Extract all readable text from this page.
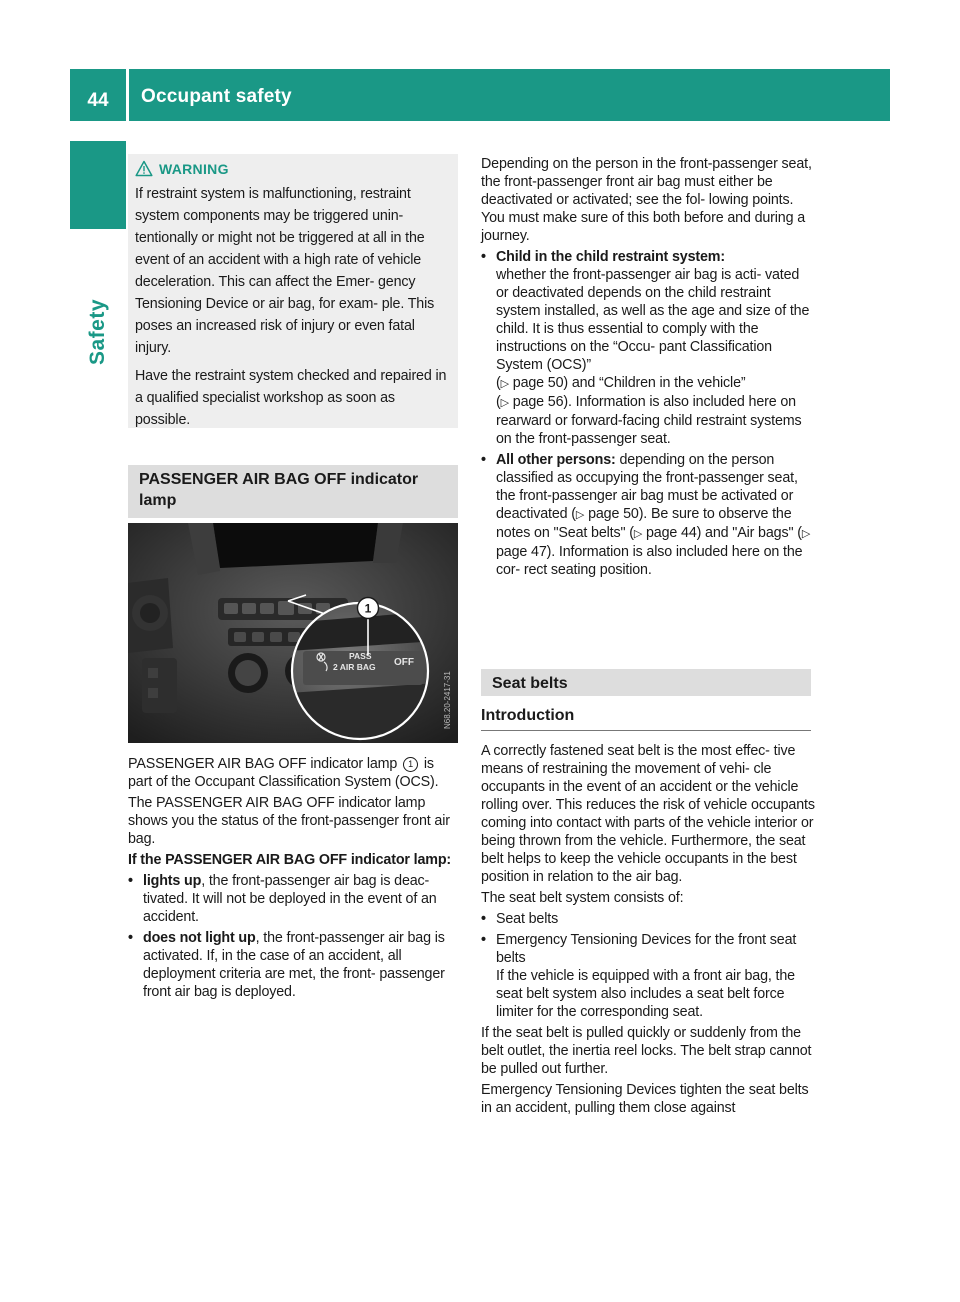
44	Occupant safety
Safety
WARNING

If restraint system is malfunctioning, restraint system components may be triggered unin- tentionally or might not be triggered at all in the event of an accident with a high rate of vehicle deceleration. This can affect the Emer- gency Tensioning Device or air bag, for exam- ple. This poses an increased risk of injury or even fatal injury.

Have the restraint system checked and repaired in a qualified specialist workshop as soon as possible.

PASSENGER AIR BAG OFF indicator lamp
PASS
2 AIR BAG OFF
1
N68.20-2417-31

PASSENGER AIR BAG OFF indicator lamp 1 is part of the Occupant Classification System (OCS).

The PASSENGER AIR BAG OFF indicator lamp shows you the status of the front-passenger front air bag.

If the PASSENGER AIR BAG OFF indicator lamp:

• lights up, the front-passenger air bag is deac- tivated. It will not be deployed in the event of an accident.
• does not light up, the front-passenger air bag is activated. If, in the case of an accident, all deployment criteria are met, the front- passenger front air bag is deployed.

Depending on the person in the front-passenger seat, the front-passenger front air bag must either be deactivated or activated; see the fol- lowing points. You must make sure of this both before and during a journey.

• Child in the child restraint system:
whether the front-passenger air bag is acti- vated or deactivated depends on the child restraint system installed, as well as the age and size of the child. It is thus essential to comply with the instructions on the “Occu- pant Classification System (OCS)”
(▷ page 50) and “Children in the vehicle”
(▷ page 56). Information is also included here on rearward or forward-facing child restraint systems on the front-passenger seat.
• All other persons: depending on the person classified as occupying the front-passenger seat, the front-passenger air bag must be activated or deactivated (▷ page 50). Be sure to observe the notes on "Seat belts" (▷ page 44) and "Air bags" (▷ page 47). Information is also included here on the cor- rect seating position.
Seat belts
Introduction

A correctly fastened seat belt is the most effec- tive means of restraining the movement of vehi- cle occupants in the event of an accident or the vehicle rolling over. This reduces the risk of vehicle occupants coming into contact with parts of the vehicle interior or being thrown from the vehicle. Furthermore, the seat belt helps to keep the vehicle occupants in the best position in relation to the air bag.

The seat belt system consists of:

• Seat belts
• Emergency Tensioning Devices for the front seat belts
If the vehicle is equipped with a front air bag, the seat belt system also includes a seat belt force limiter for the corresponding seat.

If the seat belt is pulled quickly or suddenly from the belt outlet, the inertia reel locks. The belt strap cannot be pulled out further.

Emergency Tensioning Devices tighten the seat belts in an accident, pulling them close against
